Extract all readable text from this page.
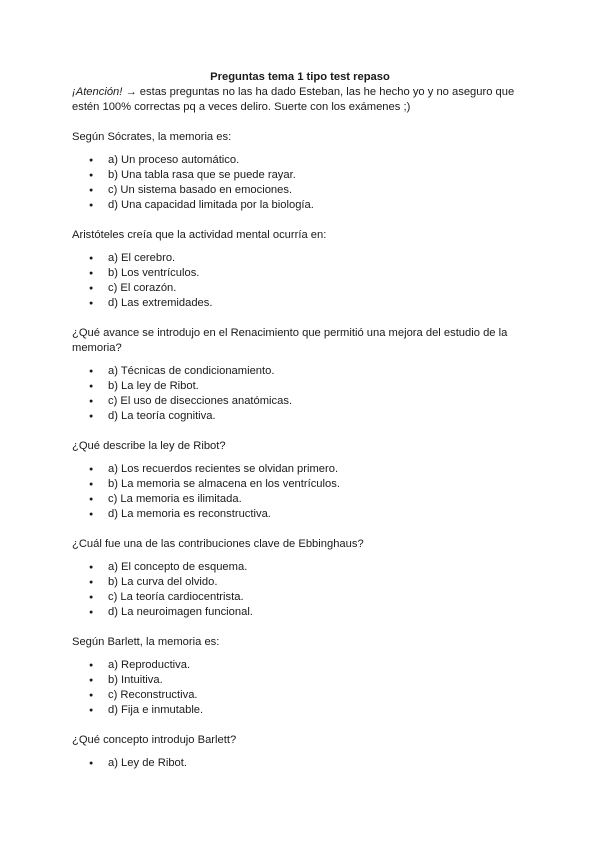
Preguntas tema 1 tipo test repaso

¡Atención! → estas preguntas no las ha dado Esteban, las he hecho yo y no aseguro que estén 100% correctas pq a veces deliro. Suerte con los exámenes ;)

Según Sócrates, la memoria es:

● a) Un proceso automático.
● b) Una tabla rasa que se puede rayar.
● c) Un sistema basado en emociones.
● d) Una capacidad limitada por la biología.

Aristóteles creía que la actividad mental ocurría en:

● a) El cerebro.
● b) Los ventrículos.
● c) El corazón.
● d) Las extremidades.

¿Qué avance se introdujo en el Renacimiento que permitió una mejora del estudio de la memoria?

● a) Técnicas de condicionamiento.
● b) La ley de Ribot.
● c) El uso de disecciones anatómicas.
● d) La teoría cognitiva.

¿Qué describe la ley de Ribot?

● a) Los recuerdos recientes se olvidan primero.
● b) La memoria se almacena en los ventrículos.
● c) La memoria es ilimitada.
● d) La memoria es reconstructiva.

¿Cuál fue una de las contribuciones clave de Ebbinghaus?

● a) El concepto de esquema.
● b) La curva del olvido.
● c) La teoría cardiocentrista.
● d) La neuroimagen funcional.

Según Barlett, la memoria es:

● a) Reproductiva.
● b) Intuitiva.
● c) Reconstructiva.
● d) Fija e inmutable.

¿Qué concepto introdujo Barlett?

● a) Ley de Ribot.
